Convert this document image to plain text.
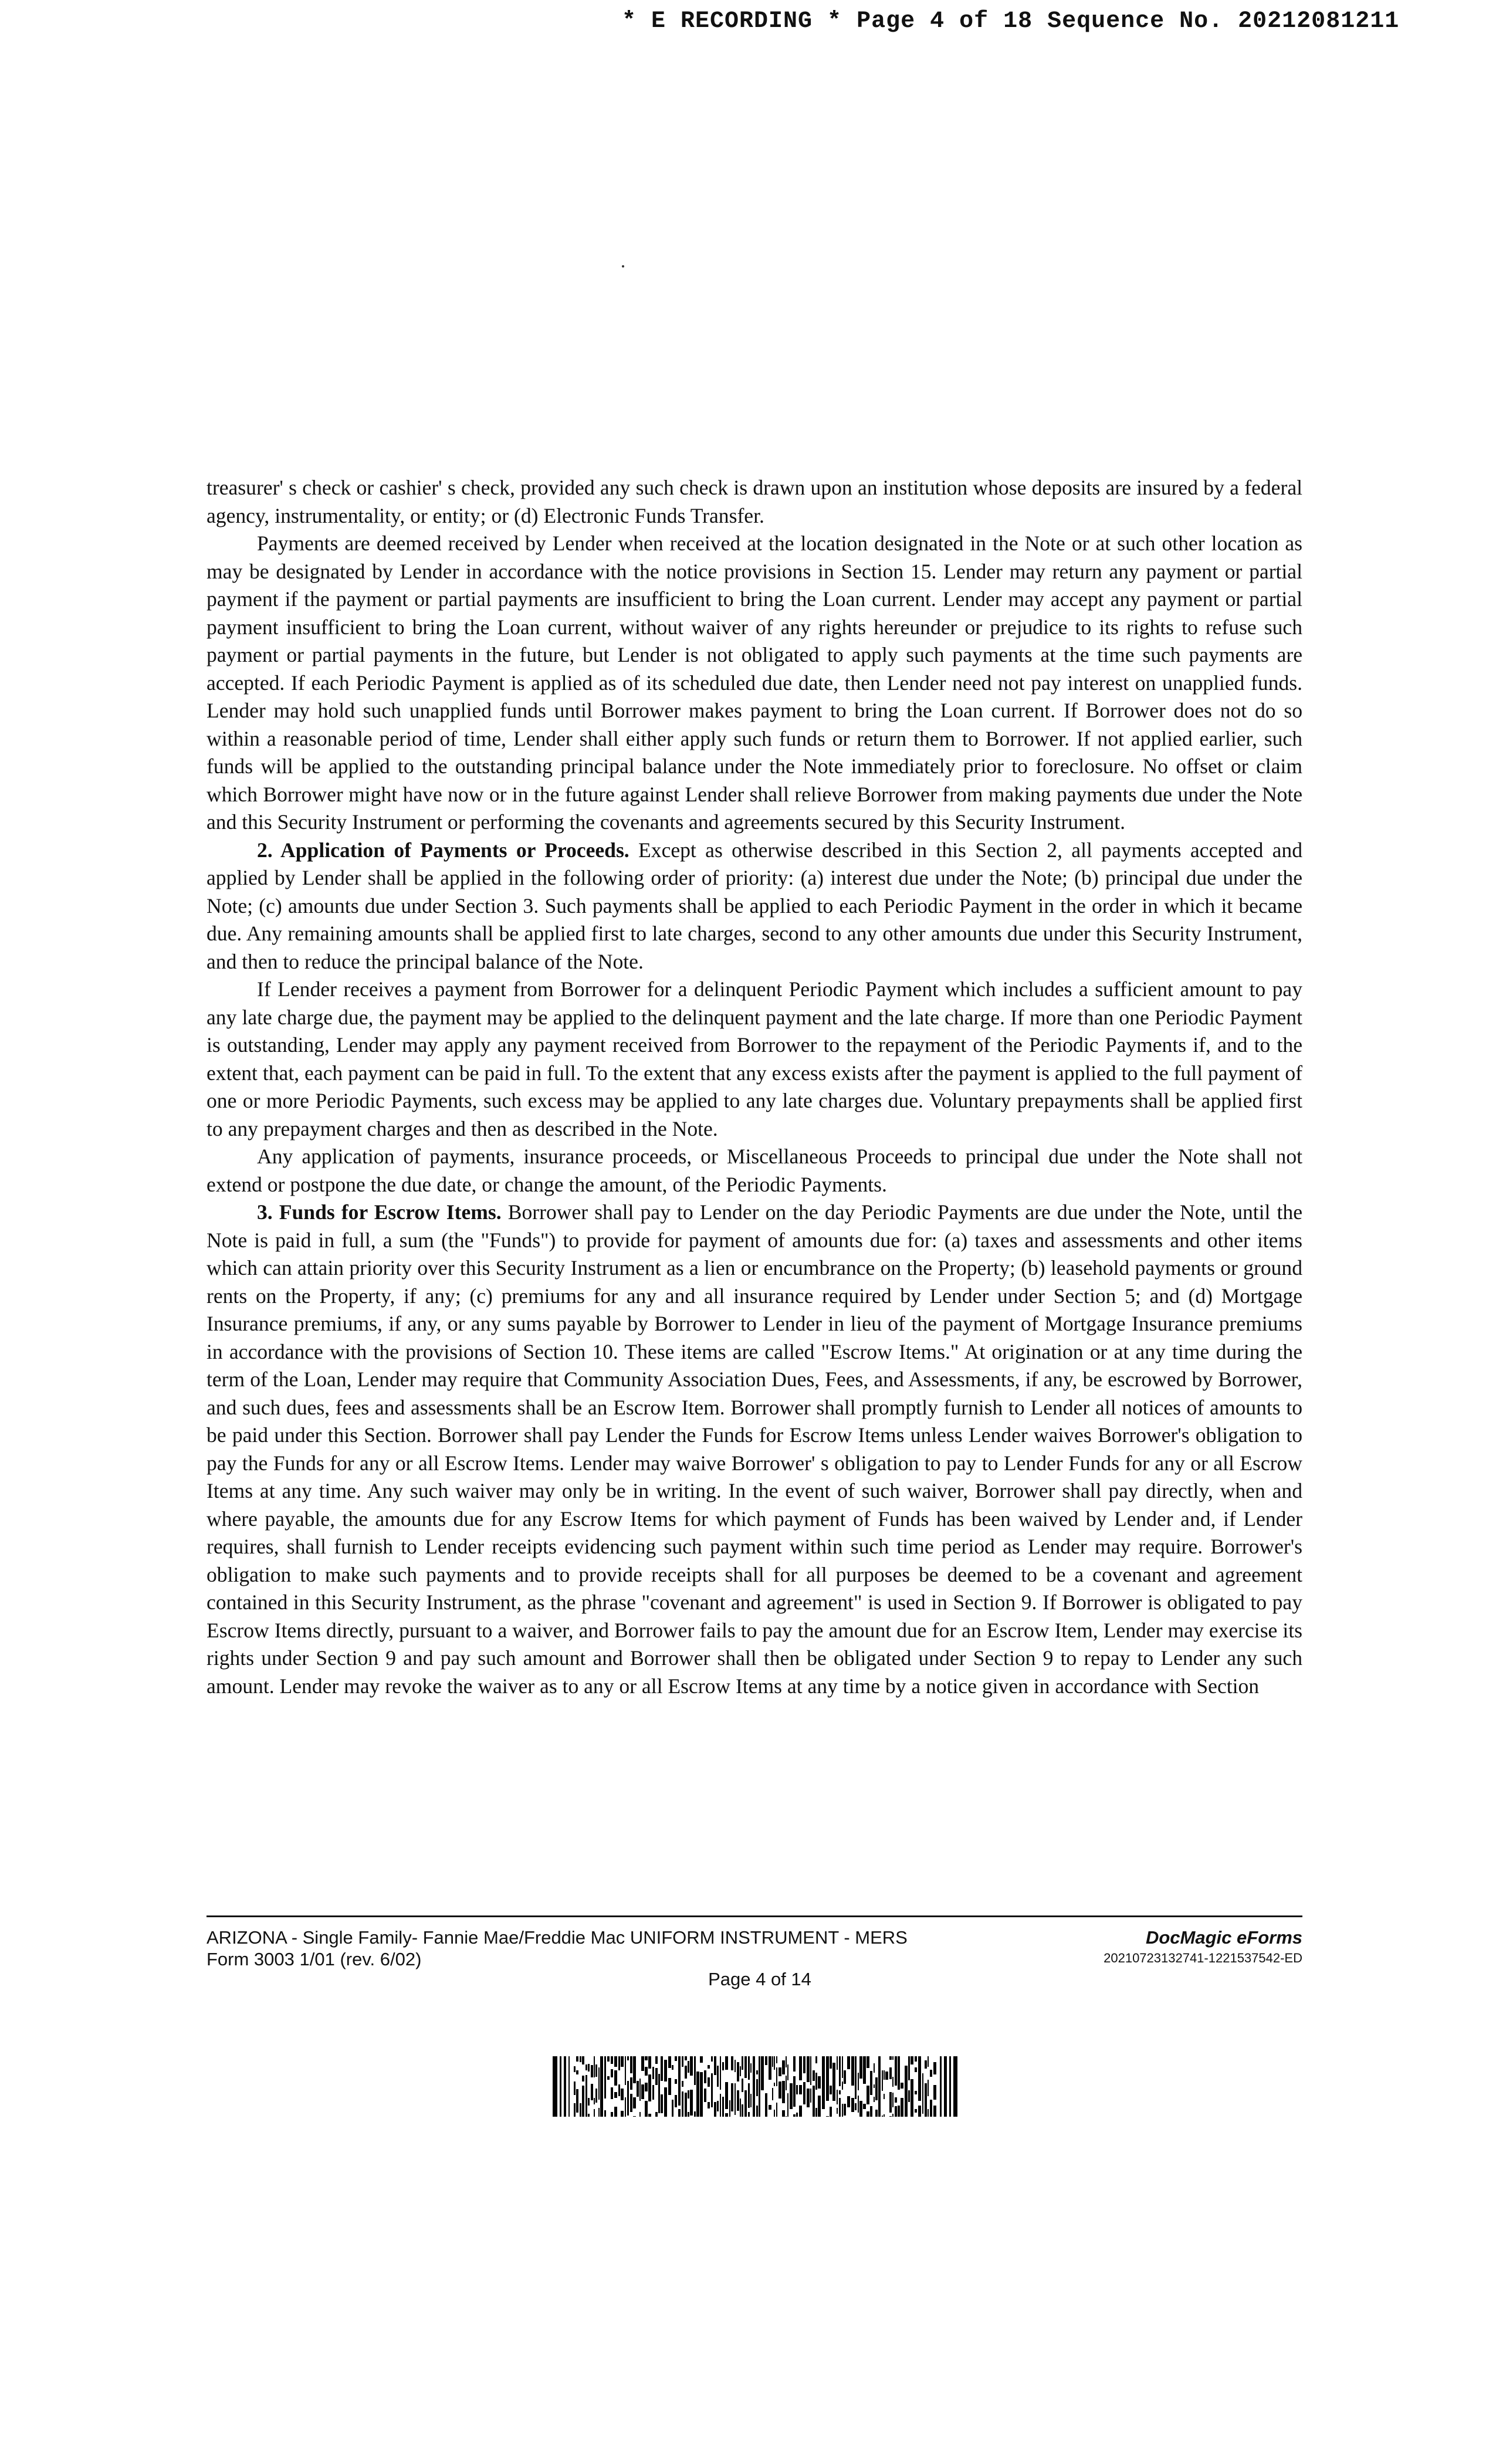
* E RECORDING * Page 4 of 18 Sequence No. 20212081211

treasurer' s check or cashier' s check, provided any such check is drawn upon an institution whose deposits are insured by a federal agency, instrumentality, or entity; or (d) Electronic Funds Transfer.

Payments are deemed received by Lender when received at the location designated in the Note or at such other location as may be designated by Lender in accordance with the notice provisions in Section 15. Lender may return any payment or partial payment if the payment or partial payments are insufficient to bring the Loan current. Lender may accept any payment or partial payment insufficient to bring the Loan current, without waiver of any rights hereunder or prejudice to its rights to refuse such payment or partial payments in the future, but Lender is not obligated to apply such payments at the time such payments are accepted. If each Periodic Payment is applied as of its scheduled due date, then Lender need not pay interest on unapplied funds. Lender may hold such unapplied funds until Borrower makes payment to bring the Loan current. If Borrower does not do so within a reasonable period of time, Lender shall either apply such funds or return them to Borrower. If not applied earlier, such funds will be applied to the outstanding principal balance under the Note immediately prior to foreclosure. No offset or claim which Borrower might have now or in the future against Lender shall relieve Borrower from making payments due under the Note and this Security Instrument or performing the covenants and agreements secured by this Security Instrument.

2. Application of Payments or Proceeds. Except as otherwise described in this Section 2, all payments accepted and applied by Lender shall be applied in the following order of priority: (a) interest due under the Note; (b) principal due under the Note; (c) amounts due under Section 3. Such payments shall be applied to each Periodic Payment in the order in which it became due. Any remaining amounts shall be applied first to late charges, second to any other amounts due under this Security Instrument, and then to reduce the principal balance of the Note.

If Lender receives a payment from Borrower for a delinquent Periodic Payment which includes a sufficient amount to pay any late charge due, the payment may be applied to the delinquent payment and the late charge. If more than one Periodic Payment is outstanding, Lender may apply any payment received from Borrower to the repayment of the Periodic Payments if, and to the extent that, each payment can be paid in full. To the extent that any excess exists after the payment is applied to the full payment of one or more Periodic Payments, such excess may be applied to any late charges due. Voluntary prepayments shall be applied first to any prepayment charges and then as described in the Note.

Any application of payments, insurance proceeds, or Miscellaneous Proceeds to principal due under the Note shall not extend or postpone the due date, or change the amount, of the Periodic Payments.

3. Funds for Escrow Items. Borrower shall pay to Lender on the day Periodic Payments are due under the Note, until the Note is paid in full, a sum (the "Funds") to provide for payment of amounts due for: (a) taxes and assessments and other items which can attain priority over this Security Instrument as a lien or encumbrance on the Property; (b) leasehold payments or ground rents on the Property, if any; (c) premiums for any and all insurance required by Lender under Section 5; and (d) Mortgage Insurance premiums, if any, or any sums payable by Borrower to Lender in lieu of the payment of Mortgage Insurance premiums in accordance with the provisions of Section 10. These items are called "Escrow Items." At origination or at any time during the term of the Loan, Lender may require that Community Association Dues, Fees, and Assessments, if any, be escrowed by Borrower, and such dues, fees and assessments shall be an Escrow Item. Borrower shall promptly furnish to Lender all notices of amounts to be paid under this Section. Borrower shall pay Lender the Funds for Escrow Items unless Lender waives Borrower's obligation to pay the Funds for any or all Escrow Items. Lender may waive Borrower' s obligation to pay to Lender Funds for any or all Escrow Items at any time. Any such waiver may only be in writing. In the event of such waiver, Borrower shall pay directly, when and where payable, the amounts due for any Escrow Items for which payment of Funds has been waived by Lender and, if Lender requires, shall furnish to Lender receipts evidencing such payment within such time period as Lender may require. Borrower's obligation to make such payments and to provide receipts shall for all purposes be deemed to be a covenant and agreement contained in this Security Instrument, as the phrase "covenant and agreement" is used in Section 9. If Borrower is obligated to pay Escrow Items directly, pursuant to a waiver, and Borrower fails to pay the amount due for an Escrow Item, Lender may exercise its rights under Section 9 and pay such amount and Borrower shall then be obligated under Section 9 to repay to Lender any such amount. Lender may revoke the waiver as to any or all Escrow Items at any time by a notice given in accordance with Section

ARIZONA - Single Family- Fannie Mae/Freddie Mac UNIFORM INSTRUMENT - MERS
Form 3003 1/01 (rev. 6/02)
DocMagic eForms
20210723132741-1221537542-ED
Page 4 of 14
